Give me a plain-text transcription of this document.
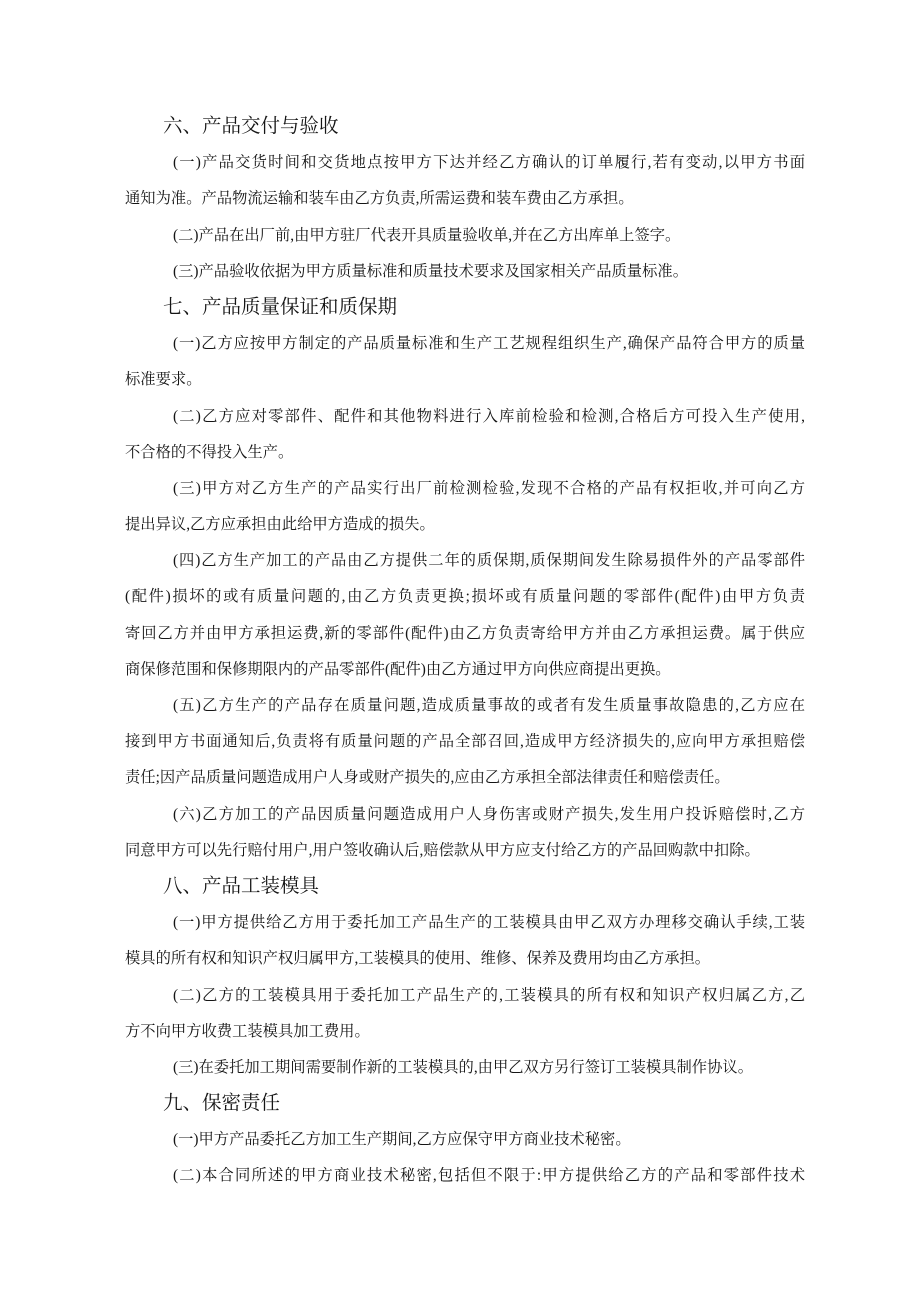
六、产品交付与验收
(一)产品交货时间和交货地点按甲方下达并经乙方确认的订单履行,若有变动,以甲方书面
通知为准。产品物流运输和装车由乙方负责,所需运费和装车费由乙方承担。
(二)产品在出厂前,由甲方驻厂代表开具质量验收单,并在乙方出库单上签字。
(三)产品验收依据为甲方质量标准和质量技术要求及国家相关产品质量标准。
七、产品质量保证和质保期
(一)乙方应按甲方制定的产品质量标准和生产工艺规程组织生产,确保产品符合甲方的质量
标准要求。
(二)乙方应对零部件、配件和其他物料进行入库前检验和检测,合格后方可投入生产使用,
不合格的不得投入生产。
(三)甲方对乙方生产的产品实行出厂前检测检验,发现不合格的产品有权拒收,并可向乙方
提出异议,乙方应承担由此给甲方造成的损失。
(四)乙方生产加工的产品由乙方提供二年的质保期,质保期间发生除易损件外的产品零部件
(配件)损坏的或有质量问题的,由乙方负责更换;损坏或有质量问题的零部件(配件)由甲方负责
寄回乙方并由甲方承担运费,新的零部件(配件)由乙方负责寄给甲方并由乙方承担运费。属于供应
商保修范围和保修期限内的产品零部件(配件)由乙方通过甲方向供应商提出更换。
(五)乙方生产的产品存在质量问题,造成质量事故的或者有发生质量事故隐患的,乙方应在
接到甲方书面通知后,负责将有质量问题的产品全部召回,造成甲方经济损失的,应向甲方承担赔偿
责任;因产品质量问题造成用户人身或财产损失的,应由乙方承担全部法律责任和赔偿责任。
(六)乙方加工的产品因质量问题造成用户人身伤害或财产损失,发生用户投诉赔偿时,乙方
同意甲方可以先行赔付用户,用户签收确认后,赔偿款从甲方应支付给乙方的产品回购款中扣除。
八、产品工装模具
(一)甲方提供给乙方用于委托加工产品生产的工装模具由甲乙双方办理移交确认手续,工装
模具的所有权和知识产权归属甲方,工装模具的使用、维修、保养及费用均由乙方承担。
(二)乙方的工装模具用于委托加工产品生产的,工装模具的所有权和知识产权归属乙方,乙
方不向甲方收费工装模具加工费用。
(三)在委托加工期间需要制作新的工装模具的,由甲乙双方另行签订工装模具制作协议。
九、保密责任
(一)甲方产品委托乙方加工生产期间,乙方应保守甲方商业技术秘密。
(二)本合同所述的甲方商业技术秘密,包括但不限于:甲方提供给乙方的产品和零部件技术
